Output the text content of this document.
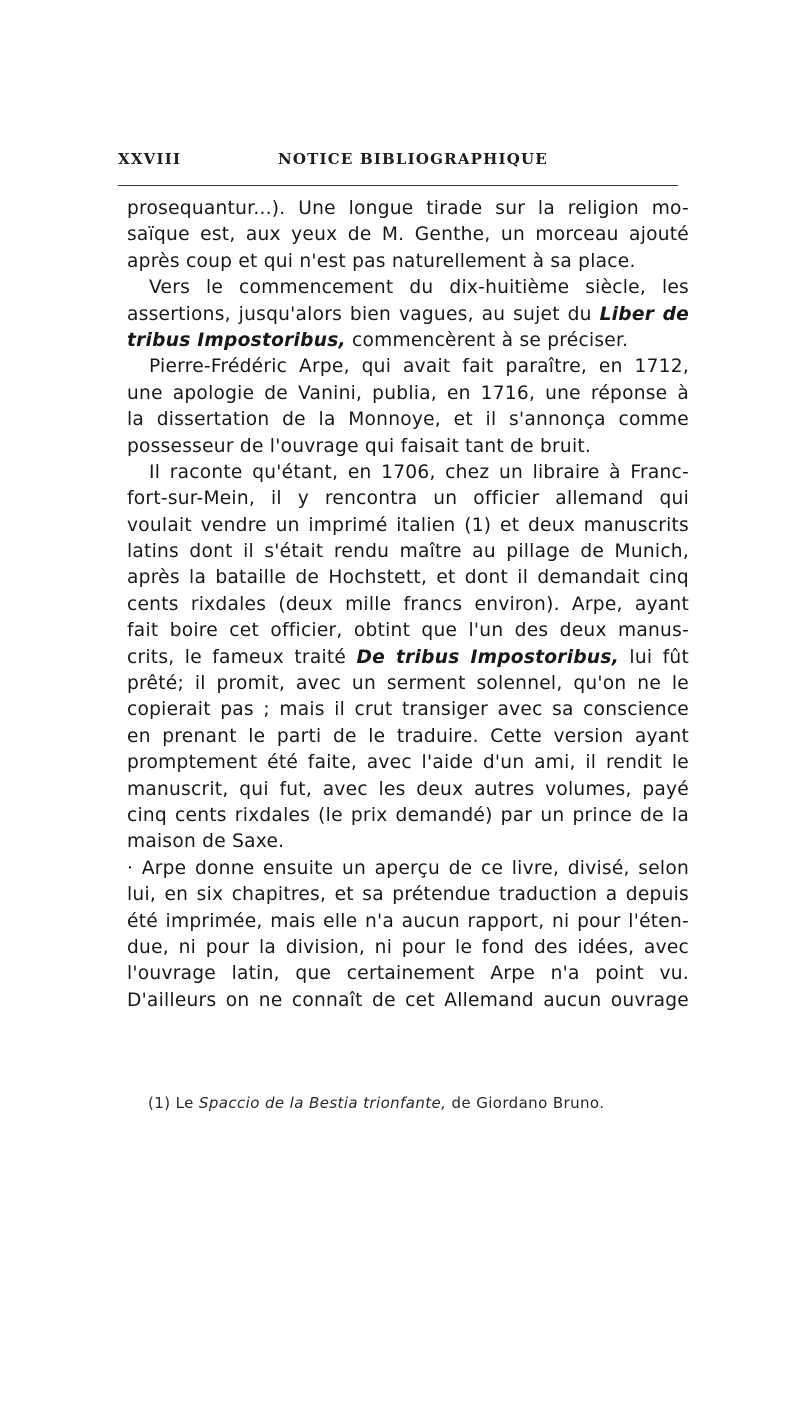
XXVIII	NOTICE BIBLIOGRAPHIQUE
prosequantur...). Une longue tirade sur la religion mo-
saïque est, aux yeux de M. Genthe, un morceau ajouté
après coup et qui n'est pas naturellement à sa place.
Vers le commencement du dix-huitième siècle, les
assertions, jusqu'alors bien vagues, au sujet du Liber de
tribus Impostoribus, commencèrent à se préciser.
Pierre-Frédéric Arpe, qui avait fait paraître, en 1712,
une apologie de Vanini, publia, en 1716, une réponse à
la dissertation de la Monnoye, et il s'annonça comme
possesseur de l'ouvrage qui faisait tant de bruit.
Il raconte qu'étant, en 1706, chez un libraire à Franc-
fort-sur-Mein, il y rencontra un officier allemand qui
voulait vendre un imprimé italien (1) et deux manuscrits
latins dont il s'était rendu maître au pillage de Munich,
après la bataille de Hochstett, et dont il demandait cinq
cents rixdales (deux mille francs environ). Arpe, ayant
fait boire cet officier, obtint que l'un des deux manus-
crits, le fameux traité De tribus Impostoribus, lui fût
prêté; il promit, avec un serment solennel, qu'on ne le
copierait pas ; mais il crut transiger avec sa conscience
en prenant le parti de le traduire. Cette version ayant
promptement été faite, avec l'aide d'un ami, il rendit le
manuscrit, qui fut, avec les deux autres volumes, payé
cinq cents rixdales (le prix demandé) par un prince de la
maison de Saxe.
· Arpe donne ensuite un aperçu de ce livre, divisé, selon
lui, en six chapitres, et sa prétendue traduction a depuis
été imprimée, mais elle n'a aucun rapport, ni pour l'éten-
due, ni pour la division, ni pour le fond des idées, avec
l'ouvrage latin, que certainement Arpe n'a point vu.
D'ailleurs on ne connaît de cet Allemand aucun ouvrage
(1) Le Spaccio de la Bestia trionfante, de Giordano Bruno.
